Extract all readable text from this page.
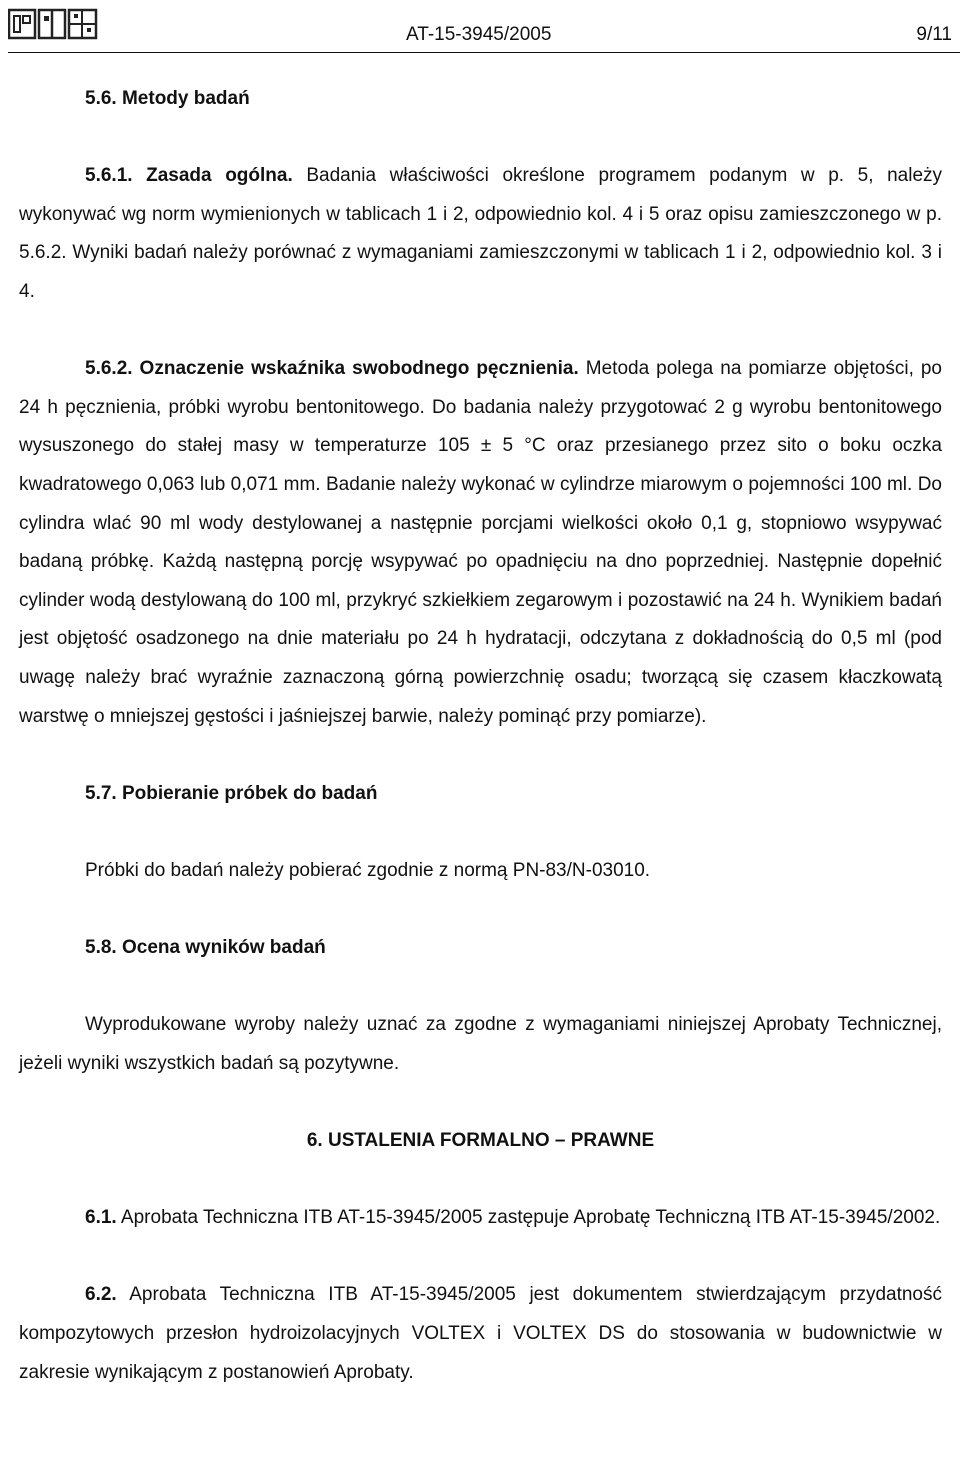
AT-15-3945/2005	9/11

5.6. Metody badań

5.6.1. Zasada ogólna. Badania właściwości określone programem podanym w p. 5, należy wykonywać wg norm wymienionych w tablicach 1 i 2, odpowiednio kol. 4 i 5 oraz opisu zamieszczonego w p. 5.6.2. Wyniki badań należy porównać z wymaganiami zamieszczonymi w tablicach 1 i 2, odpowiednio kol. 3 i 4.

5.6.2. Oznaczenie wskaźnika swobodnego pęcznienia. Metoda polega na pomiarze objętości, po 24 h pęcznienia, próbki wyrobu bentonitowego. Do badania należy przygotować 2 g wyrobu bentonitowego wysuszonego do stałej masy w temperaturze 105 ± 5 °C oraz przesianego przez sito o boku oczka kwadratowego 0,063 lub 0,071 mm. Badanie należy wykonać w cylindrze miarowym o pojemności 100 ml. Do cylindra wlać 90 ml wody destylowanej a następnie porcjami wielkości około 0,1 g, stopniowo wsypywać badaną próbkę. Każdą następną porcję wsypywać po opadnięciu na dno poprzedniej. Następnie dopełnić cylinder wodą destylowaną do 100 ml, przykryć szkiełkiem zegarowym i pozostawić na 24 h. Wynikiem badań jest objętość osadzonego na dnie materiału po 24 h hydratacji, odczytana z dokładnością do 0,5 ml (pod uwagę należy brać wyraźnie zaznaczoną górną powierzchnię osadu; tworzącą się czasem kłaczkowatą warstwę o mniejszej gęstości i jaśniejszej barwie, należy pominąć przy pomiarze).

5.7. Pobieranie próbek do badań

Próbki do badań należy pobierać zgodnie z normą PN-83/N-03010.

5.8. Ocena wyników badań

Wyprodukowane wyroby należy uznać za zgodne z wymaganiami niniejszej Aprobaty Technicznej, jeżeli wyniki wszystkich badań są pozytywne.

6. USTALENIA FORMALNO – PRAWNE

6.1. Aprobata Techniczna ITB AT-15-3945/2005 zastępuje Aprobatę Techniczną ITB AT-15-3945/2002.

6.2. Aprobata Techniczna ITB AT-15-3945/2005 jest dokumentem stwierdzającym przydatność kompozytowych przesłon hydroizolacyjnych VOLTEX i VOLTEX DS do stosowania w budownictwie w zakresie wynikającym z postanowień Aprobaty.
